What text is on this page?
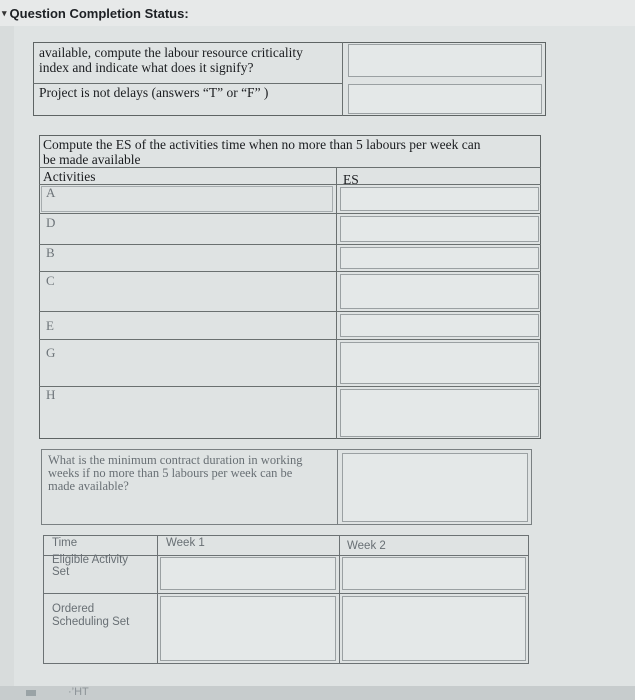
▾ Question Completion Status:
available, compute the labour resource criticality
index and indicate what does it signify?
Project is not delays (answers “T” or “F” )
Compute the ES of the activities time when no more than 5 labours per week can
be made available
Activities	ES
A
D
B
C
E
G
H
What is the minimum contract duration in working
weeks if no more than 5 labours per week can be
made available?
Time	Week 1	Week 2
Eligible Activity
Set
Ordered
Scheduling Set
·’HT
